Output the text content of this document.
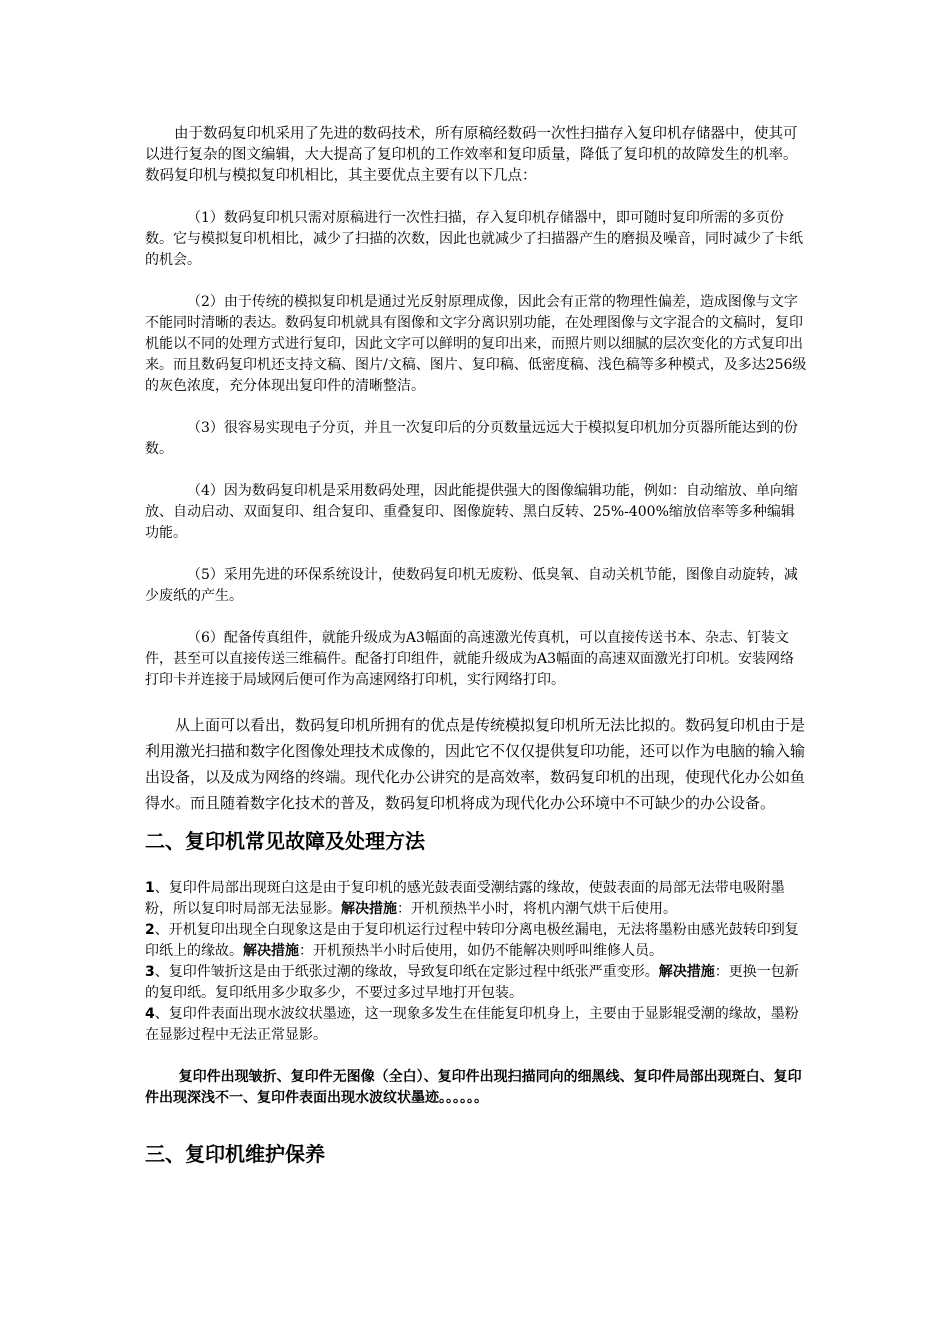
由于数码复印机采用了先进的数码技术，所有原稿经数码一次性扫描存入复印机存储器中，使其可以进行复杂的图文编辑，大大提高了复印机的工作效率和复印质量，降低了复印机的故障发生的机率。数码复印机与模拟复印机相比，其主要优点主要有以下几点：

（1）数码复印机只需对原稿进行一次性扫描，存入复印机存储器中，即可随时复印所需的多页份数。它与模拟复印机相比，减少了扫描的次数，因此也就减少了扫描器产生的磨损及噪音，同时减少了卡纸的机会。

（2）由于传统的模拟复印机是通过光反射原理成像，因此会有正常的物理性偏差，造成图像与文字不能同时清晰的表达。数码复印机就具有图像和文字分离识别功能，在处理图像与文字混合的文稿时，复印机能以不同的处理方式进行复印，因此文字可以鲜明的复印出来，而照片则以细腻的层次变化的方式复印出来。而且数码复印机还支持文稿、图片/文稿、图片、复印稿、低密度稿、浅色稿等多种模式，及多达256级的灰色浓度，充分体现出复印件的清晰整洁。

（3）很容易实现电子分页，并且一次复印后的分页数量远远大于模拟复印机加分页器所能达到的份数。

（4）因为数码复印机是采用数码处理，因此能提供强大的图像编辑功能，例如：自动缩放、单向缩放、自动启动、双面复印、组合复印、重叠复印、图像旋转、黑白反转、25%-400%缩放倍率等多种编辑功能。

（5）采用先进的环保系统设计，使数码复印机无废粉、低臭氧、自动关机节能，图像自动旋转，减少废纸的产生。

（6）配备传真组件，就能升级成为A3幅面的高速激光传真机，可以直接传送书本、杂志、钉装文件，甚至可以直接传送三维稿件。配备打印组件，就能升级成为A3幅面的高速双面激光打印机。安装网络打印卡并连接于局域网后便可作为高速网络打印机，实行网络打印。

从上面可以看出，数码复印机所拥有的优点是传统模拟复印机所无法比拟的。数码复印机由于是利用激光扫描和数字化图像处理技术成像的，因此它不仅仅提供复印功能，还可以作为电脑的输入输出设备，以及成为网络的终端。现代化办公讲究的是高效率，数码复印机的出现，使现代化办公如鱼得水。而且随着数字化技术的普及，数码复印机将成为现代化办公环境中不可缺少的办公设备。

二、复印机常见故障及处理方法

1、复印件局部出现斑白这是由于复印机的感光鼓表面受潮结露的缘故，使鼓表面的局部无法带电吸附墨粉，所以复印时局部无法显影。解决措施：开机预热半小时，将机内潮气烘干后使用。

2、开机复印出现全白现象这是由于复印机运行过程中转印分离电极丝漏电，无法将墨粉由感光鼓转印到复印纸上的缘故。解决措施：开机预热半小时后使用，如仍不能解决则呼叫维修人员。

3、复印件皱折这是由于纸张过潮的缘故，导致复印纸在定影过程中纸张严重变形。解决措施：更换一包新的复印纸。复印纸用多少取多少，不要过多过早地打开包装。

4、复印件表面出现水波纹状墨迹，这一现象多发生在佳能复印机身上，主要由于显影辊受潮的缘故，墨粉在显影过程中无法正常显影。

复印件出现皱折、复印件无图像（全白）、复印件出现扫描同向的细黑线、复印件局部出现斑白、复印件出现深浅不一、复印件表面出现水波纹状墨迹。。。。。。

三、复印机维护保养
